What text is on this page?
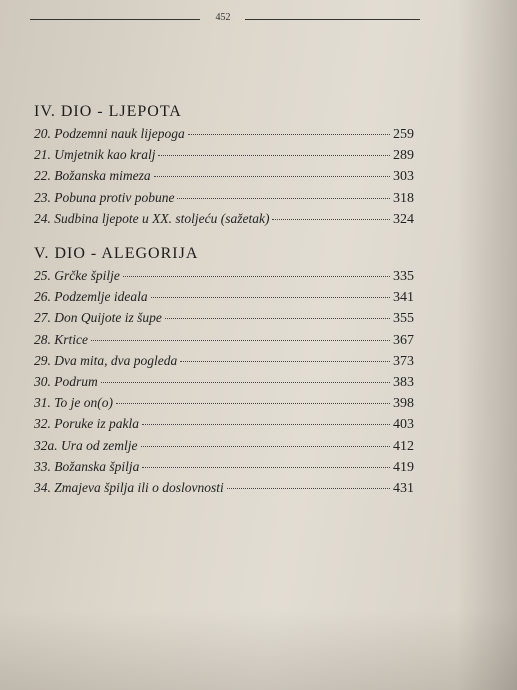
452
IV. DIO - LJEPOTA
20. Podzemni nauk lijepoga	259
21. Umjetnik kao kralj	289
22. Božanska mimeza	303
23. Pobuna protiv pobune	318
24. Sudbina ljepote u XX. stoljeću (sažetak)	324
V. DIO - ALEGORIJA
25. Grčke špilje	335
26. Podzemlje ideala	341
27. Don Quijote iz šupe	355
28. Krtice	367
29. Dva mita, dva pogleda	373
30. Podrum	383
31. To je on(o)	398
32. Poruke iz pakla	403
32a. Ura od zemlje	412
33. Božanska špilja	419
34. Zmajeva špilja ili o doslovnosti	431
